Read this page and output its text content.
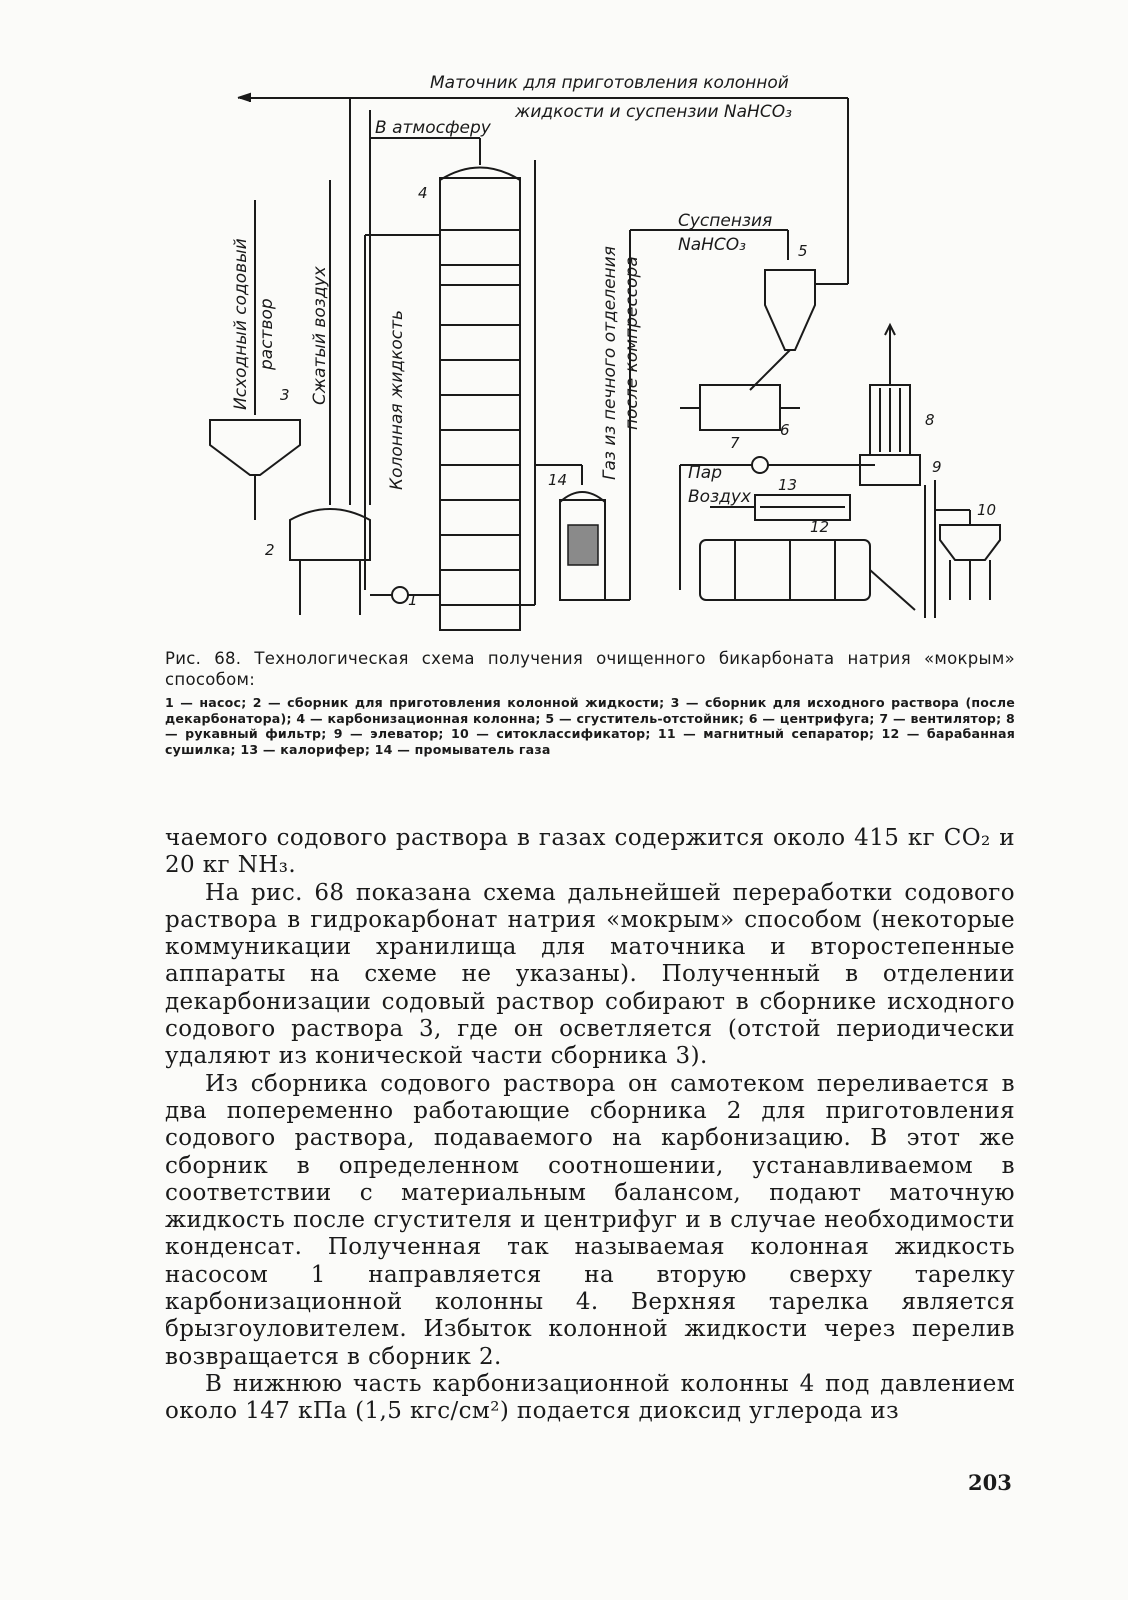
Маточник для приготовления колонной
жидкости и суспензии NaHCO₃
В атмосферу
Суспензия
NaHCO₃
Пар
Воздух
Исходный содовый раствор Сжатый воздух	Колонная жидкость	Газ из печного отделения после компрессора
1
2
3
4
5
6
7
8
9
10
12
13
14
Рис. 68. Технологическая схема получения очищенного бикарбоната натрия «мокрым» способом:
1 — насос; 2 — сборник для приготовления колонной жидкости; 3 — сборник для исходного раствора (после декарбонатора); 4 — карбонизационная колонна; 5 — сгуститель-отстойник; 6 — центрифуга; 7 — вентилятор; 8 — рукавный фильтр; 9 — элеватор; 10 — ситоклассификатор; 11 — магнитный сепаратор; 12 — барабанная сушилка; 13 — калорифер; 14 — промыватель газа

чаемого содового раствора в газах содержится около 415 кг CO₂ и 20 кг NH₃.

На рис. 68 показана схема дальнейшей переработки содового раствора в гидрокарбонат натрия «мокрым» способом (некоторые коммуникации хранилища для маточника и второстепенные аппараты на схеме не указаны). Полученный в отделении декарбонизации содовый раствор собирают в сборнике исходного содового раствора 3, где он осветляется (отстой периодически удаляют из конической части сборника 3).

Из сборника содового раствора он самотеком переливается в два попеременно работающие сборника 2 для приготовления содового раствора, подаваемого на карбонизацию. В этот же сборник в определенном соотношении, устанавливаемом в соответствии с материальным балансом, подают маточную жидкость после сгустителя и центрифуг и в случае необходимости конденсат. Полученная так называемая колонная жидкость насосом 1 направляется на вторую сверху тарелку карбонизационной колонны 4. Верхняя тарелка является брызгоуловителем. Избыток колонной жидкости через перелив возвращается в сборник 2.

В нижнюю часть карбонизационной колонны 4 под давлением около 147 кПа (1,5 кгс/см²) подается диоксид углерода из

203
